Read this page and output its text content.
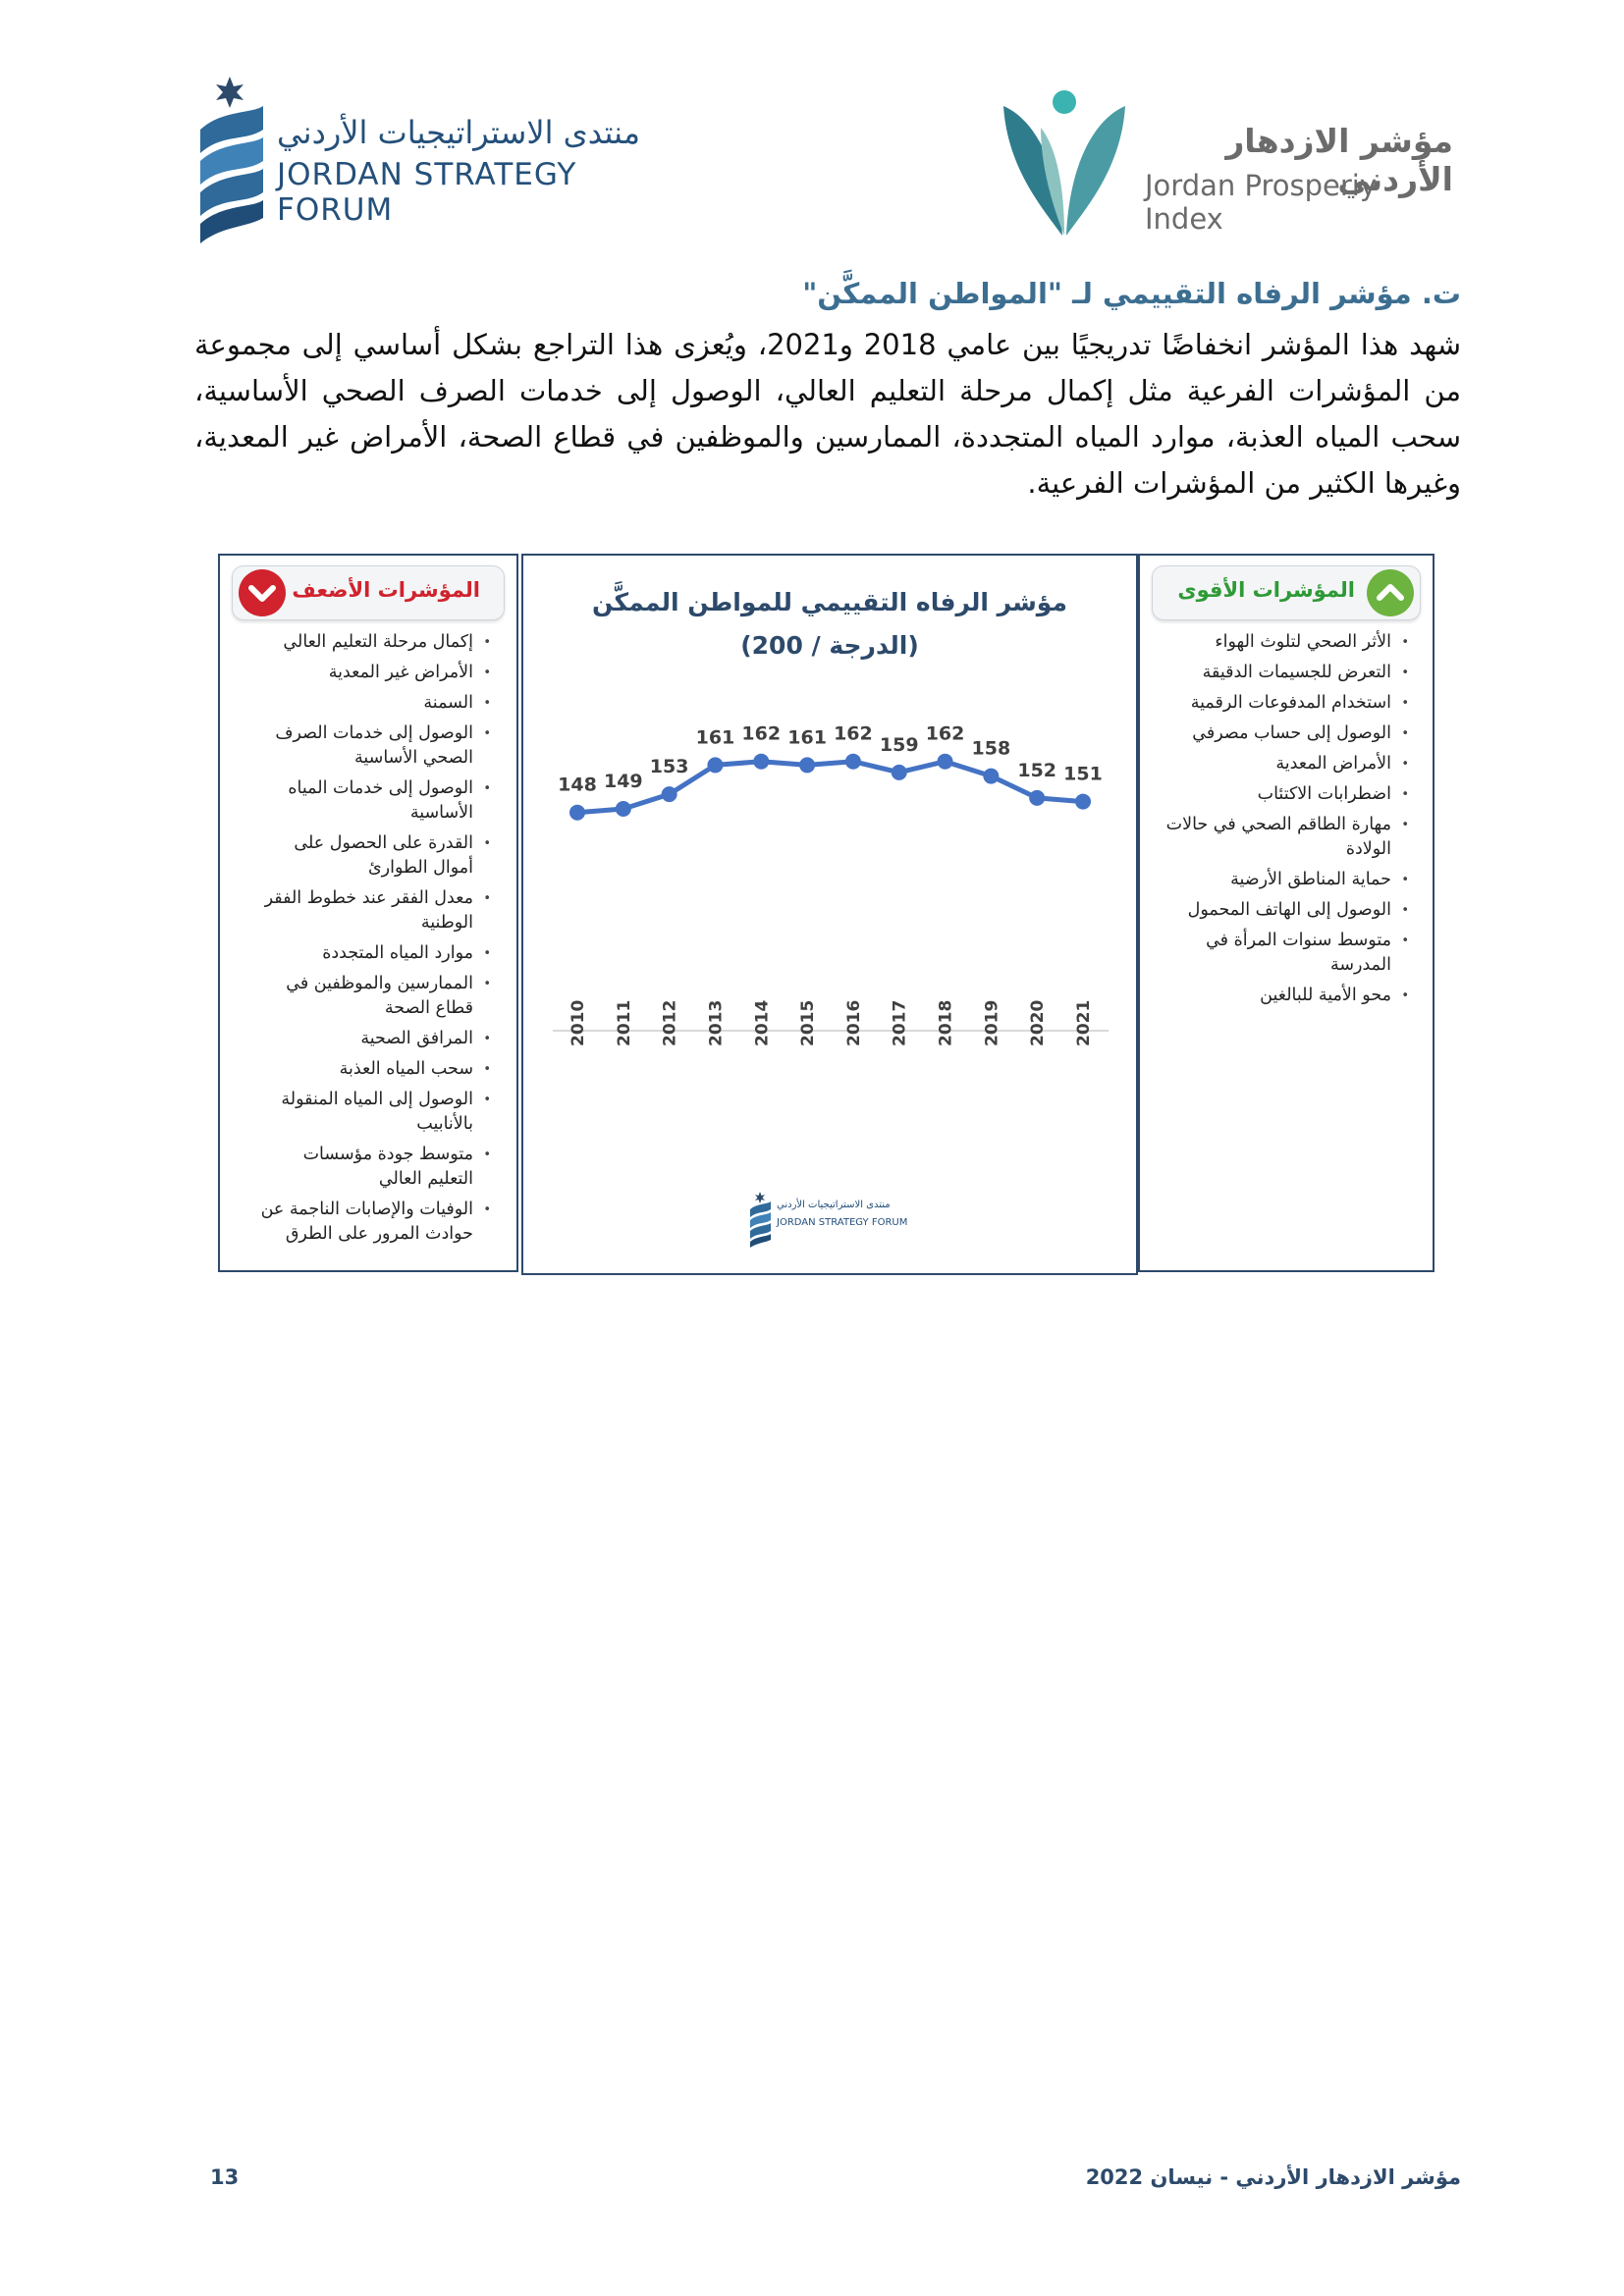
منتدى الاستراتيجيات الأردني
JORDAN STRATEGY FORUM
مؤشر الازدهار الأردني
Jordan Prosperiy Index
ت. مؤشر الرفاه التقييمي لـ "المواطن الممكَّن"
شهد هذا المؤشر انخفاضًا تدريجيًا بين عامي 2018 و2021، ويُعزى هذا التراجع بشكل أساسي إلى مجموعة من المؤشرات الفرعية مثل إكمال مرحلة التعليم العالي، الوصول إلى خدمات الصرف الصحي الأساسية، سحب المياه العذبة، موارد المياه المتجددة، الممارسين والموظفين في قطاع الصحة، الأمراض غير المعدية، وغيرها الكثير من المؤشرات الفرعية.
المؤشرات الأضعف
• إكمال مرحلة التعليم العالي
• الأمراض غير المعدية
• السمنة
• الوصول إلى خدمات الصرف الصحي الأساسية
• الوصول إلى خدمات المياه الأساسية
• القدرة على الحصول على أموال الطوارئ
• معدل الفقر عند خطوط الفقر الوطنية
• موارد المياه المتجددة
• الممارسين والموظفين في قطاع الصحة
• المرافق الصحية
• سحب المياه العذبة
• الوصول إلى المياه المنقولة بالأنابيب
• متوسط جودة مؤسسات التعليم العالي
• الوفيات والإصابات الناجمة عن حوادث المرور على الطرق
مؤشر الرفاه التقييمي للمواطن الممكَّن
(الدرجة / 200)
148
2010
149
2011
153
2012
161
2013
162
2014
161
2015
162
2016
159
2017
162
2018
158
2019
152
2020
151
2021
منتدى الاستراتيجيات الأردني
JORDAN STRATEGY FORUM
المؤشرات الأقوى
• الأثر الصحي لتلوث الهواء
• التعرض للجسيمات الدقيقة
• استخدام المدفوعات الرقمية
• الوصول إلى حساب مصرفي
• الأمراض المعدية
• اضطرابات الاكتئاب
• مهارة الطاقم الصحي في حالات الولادة
• حماية المناطق الأرضية
• الوصول إلى الهاتف المحمول
• متوسط سنوات المرأة في المدرسة
• محو الأمية للبالغين
مؤشر الازدهار الأردني - نيسان 2022
13
